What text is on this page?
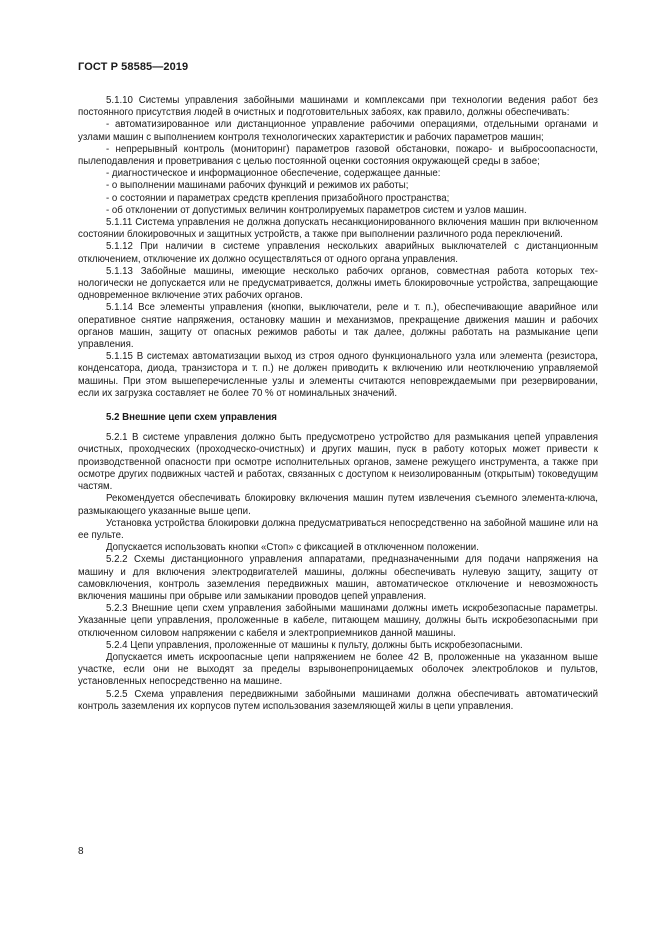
ГОСТ Р 58585—2019

5.1.10 Системы управления забойными машинами и комплексами при технологии ведения работ без постоянного присутствия людей в очистных и подготовительных забоях, как правило, должны обеспечивать:

- автоматизированное или дистанционное управление рабочими операциями, отдельными органами и узлами машин с выполнением контроля технологических характеристик и рабочих параметров машин;

- непрерывный контроль (мониторинг) параметров газовой обстановки, пожаро- и выбросоопасности, пылеподавления и проветривания с целью постоянной оценки состояния окружающей среды в забое;

- диагностическое и информационное обеспечение, содержащее данные:

- о выполнении машинами рабочих функций и режимов их работы;

- о состоянии и параметрах средств крепления призабойного пространства;

- об отклонении от допустимых величин контролируемых параметров систем и узлов машин.

5.1.11 Система управления не должна допускать несанкционированного включения машин при включенном состоянии блокировочных и защитных устройств, а также при выполнении различного рода переключений.

5.1.12 При наличии в системе управления нескольких аварийных выключателей с дистанционным отключением, отключение их должно осуществляться от одного органа управления.

5.1.13 Забойные машины, имеющие несколько рабочих органов, совместная работа которых технологически не допускается или не предусматривается, должны иметь блокировочные устройства, запрещающие одновременное включение этих рабочих органов.

5.1.14 Все элементы управления (кнопки, выключатели, реле и т. п.), обеспечивающие аварийное или оперативное снятие напряжения, остановку машин и механизмов, прекращение движения машин и рабочих органов машин, защиту от опасных режимов работы и так далее, должны работать на размыкание цепи управления.

5.1.15 В системах автоматизации выход из строя одного функционального узла или элемента (резистора, конденсатора, диода, транзистора и т. п.) не должен приводить к включению или неотключению управляемой машины. При этом вышеперечисленные узлы и элементы считаются неповреждаемыми при резервировании, если их загрузка составляет не более 70 % от номинальных значений.

5.2 Внешние цепи схем управления

5.2.1 В системе управления должно быть предусмотрено устройство для размыкания цепей управления очистных, проходческих (проходческо-очистных) и других машин, пуск в работу которых может привести к производственной опасности при осмотре исполнительных органов, замене режущего инструмента, а также при осмотре других подвижных частей и работах, связанных с доступом к неизолированным (открытым) токоведущим частям.

Рекомендуется обеспечивать блокировку включения машин путем извлечения съемного элемента-ключа, размыкающего указанные выше цепи.

Установка устройства блокировки должна предусматриваться непосредственно на забойной машине или на ее пульте.

Допускается использовать кнопки «Стоп» с фиксацией в отключенном положении.

5.2.2 Схемы дистанционного управления аппаратами, предназначенными для подачи напряжения на машину и для включения электродвигателей машины, должны обеспечивать нулевую защиту, защиту от самовключения, контроль заземления передвижных машин, автоматическое отключение и невозможность включения машины при обрыве или замыкании проводов цепей управления.

5.2.3 Внешние цепи схем управления забойными машинами должны иметь искробезопасные параметры. Указанные цепи управления, проложенные в кабеле, питающем машину, должны быть искробезопасными при отключенном силовом напряжении с кабеля и электроприемников данной машины.

5.2.4 Цепи управления, проложенные от машины к пульту, должны быть искробезопасными.

Допускается иметь искроопасные цепи напряжением не более 42 В, проложенные на указанном выше участке, если они не выходят за пределы взрывонепроницаемых оболочек электроблоков и пультов, установленных непосредственно на машине.

5.2.5 Схема управления передвижными забойными машинами должна обеспечивать автоматический контроль заземления их корпусов путем использования заземляющей жилы в цепи управления.

8
